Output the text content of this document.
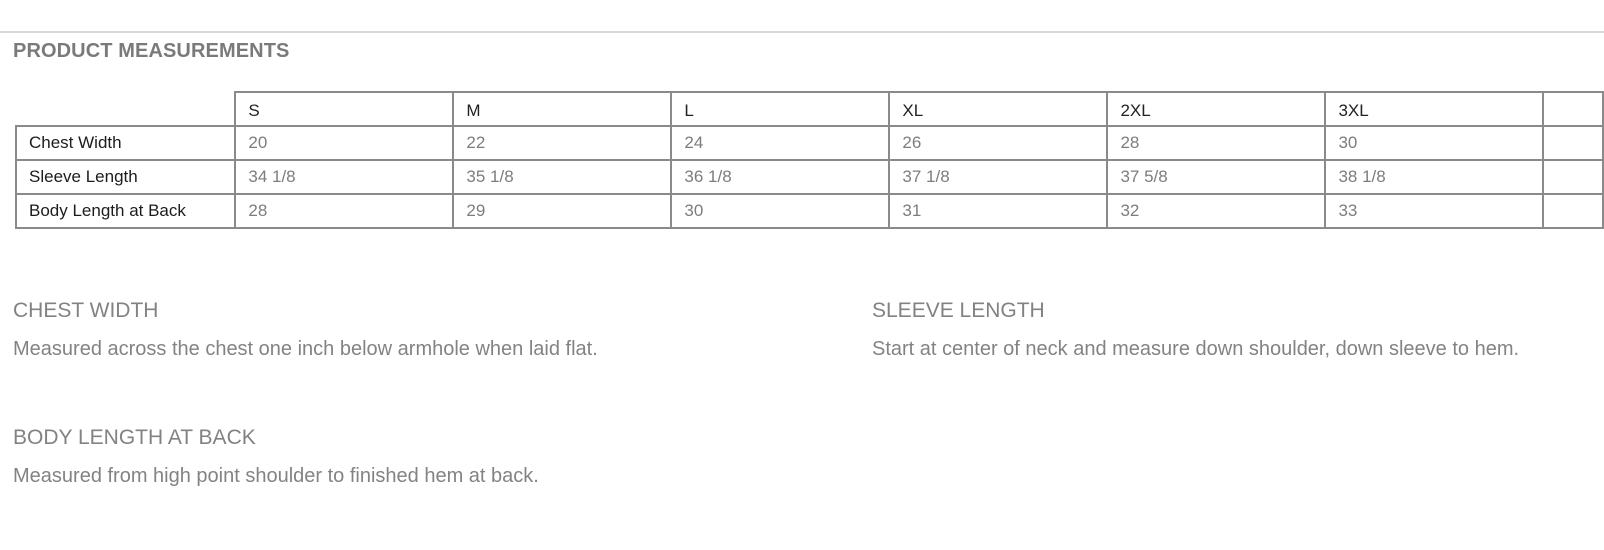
PRODUCT MEASUREMENTS
	S	M	L	XL	2XL	3XL	
Chest Width	20	22	24	26	28	30	
Sleeve Length	34 1/8	35 1/8	36 1/8	37 1/8	37 5/8	38 1/8	
Body Length at Back	28	29	30	31	32	33	
CHEST WIDTH

Measured across the chest one inch below armhole when laid flat.

SLEEVE LENGTH

Start at center of neck and measure down shoulder, down sleeve to hem.

BODY LENGTH AT BACK

Measured from high point shoulder to finished hem at back.
